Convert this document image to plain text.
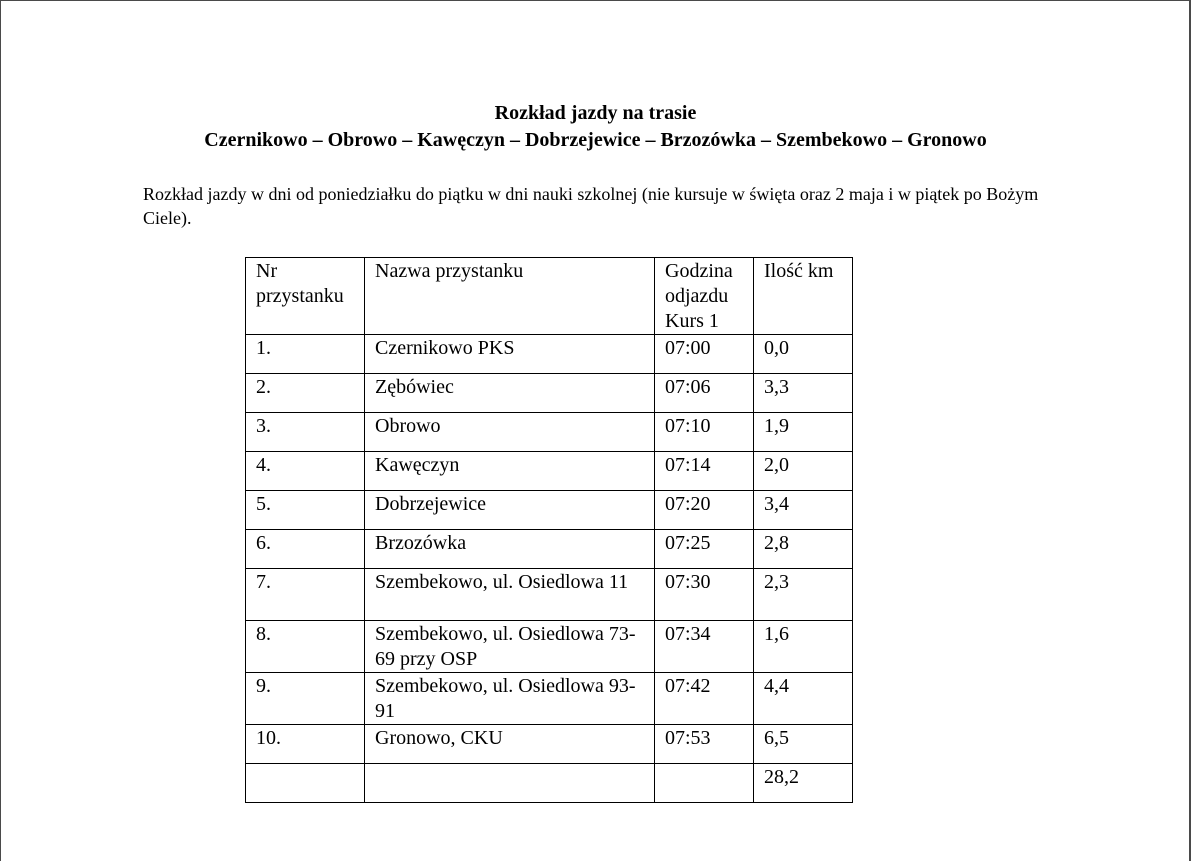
Rozkład jazdy na trasie
Czernikowo – Obrowo – Kawęczyn – Dobrzejewice – Brzozówka – Szembekowo – Gronowo
Rozkład jazdy w dni od poniedziałku do piątku w dni nauki szkolnej (nie kursuje w święta oraz 2 maja i w piątek po Bożym Ciele).
Nr przystanku	Nazwa przystanku	Godzina odjazdu Kurs 1	Ilość km
1.	Czernikowo PKS	07:00	0,0
2.	Zębówiec	07:06	3,3
3.	Obrowo	07:10	1,9
4.	Kawęczyn	07:14	2,0
5.	Dobrzejewice	07:20	3,4
6.	Brzozówka	07:25	2,8
7.	Szembekowo, ul. Osiedlowa 11	07:30	2,3
8.	Szembekowo, ul. Osiedlowa 73-69 przy OSP	07:34	1,6
9.	Szembekowo, ul. Osiedlowa 93-91	07:42	4,4
10.	Gronowo, CKU	07:53	6,5
			28,2
